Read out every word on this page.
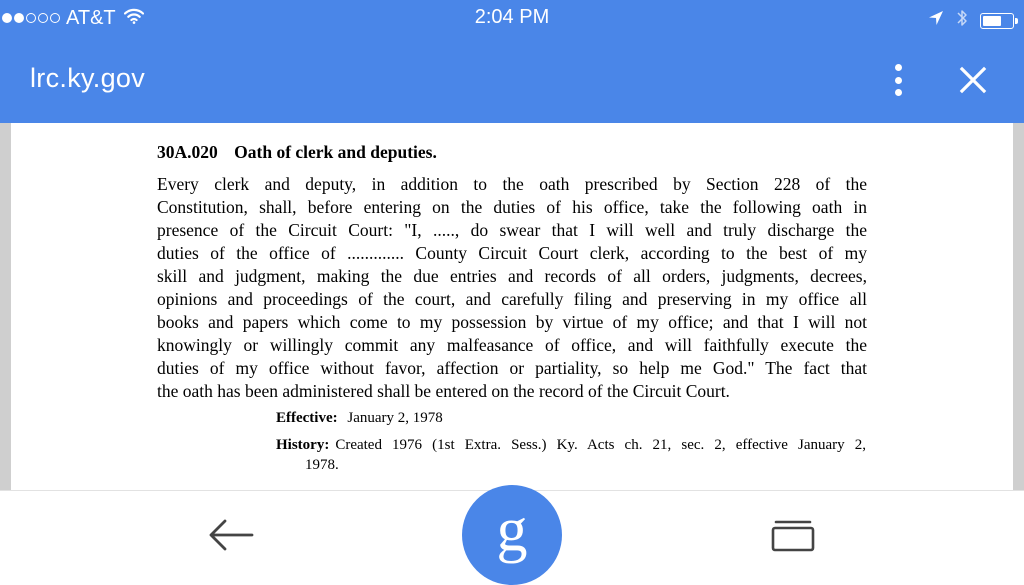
AT&T	2:04 PM
lrc.ky.gov
30A.020 Oath of clerk and deputies.
Every clerk and deputy, in addition to the oath prescribed by Section 228 of the
Constitution, shall, before entering on the duties of his office, take the following oath in
presence of the Circuit Court: "I, ....., do swear that I will well and truly discharge the
duties of the office of ............. County Circuit Court clerk, according to the best of my
skill and judgment, making the due entries and records of all orders, judgments, decrees,
opinions and proceedings of the court, and carefully filing and preserving in my office all
books and papers which come to my possession by virtue of my office; and that I will not
knowingly or willingly commit any malfeasance of office, and will faithfully execute the
duties of my office without favor, affection or partiality, so help me God." The fact that
the oath has been administered shall be entered on the record of the Circuit Court.
Effective: January 2, 1978
History: Created 1976 (1st Extra. Sess.) Ky. Acts ch. 21, sec. 2, effective January 2,
1978.
g
